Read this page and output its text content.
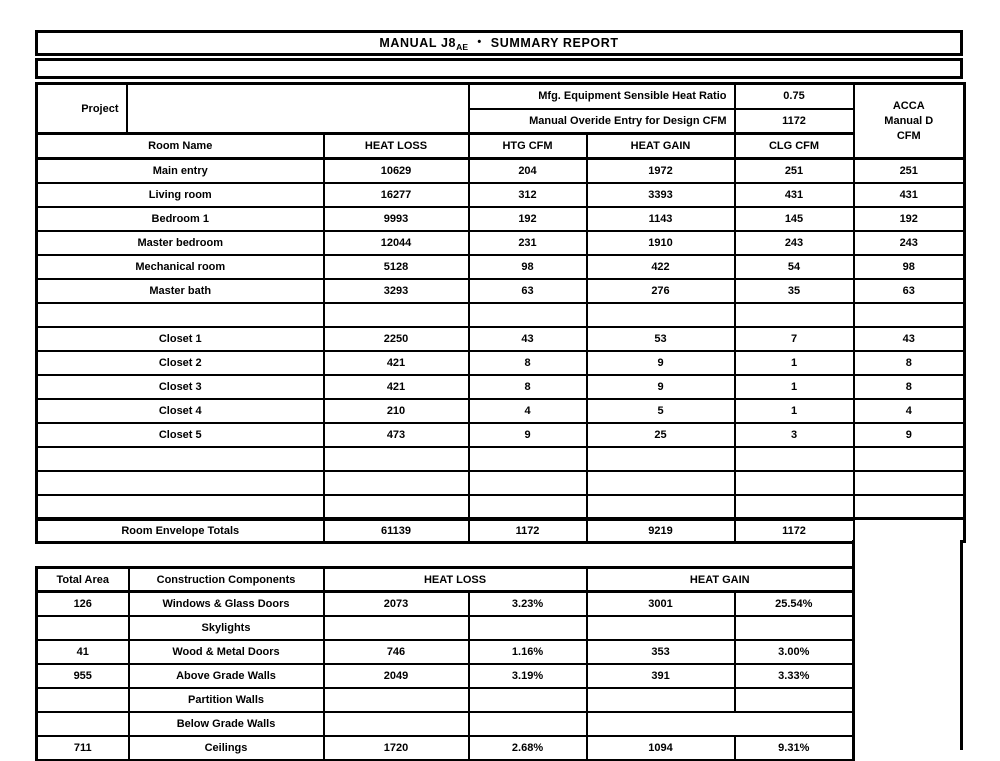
MANUAL J8 AE • SUMMARY REPORT
Project			Mfg. Equipment Sensible Heat Ratio		0.75	ACCA
Manual D
CFM

			Manual Overide Entry for Design CFM		1172	
Room Name		HEAT LOSS	HTG CFM	HEAT GAIN	CLG CFM	
Main entry		10629	204	1972	251	251
Living room		16277	312	3393	431	431
Bedroom 1		9993	192	1143	145	192
Master bedroom		12044	231	1910	243	243
Mechanical room		5128	98	422	54	98
Master bath		3293	63	276	35	63

Closet 1		2250	43	53	7	43
Closet 2		421	8	9	1	8
Closet 3		421	8	9	1	8
Closet 4		210	4	5	1	4
Closet 5		473	9	25	3	9

Room Envelope Totals		61139	1172	9219	1172	
Total Area	Construction Components	HEAT LOSS		HEAT GAIN	
126	Windows & Glass Doors	2073	3.23%	3001	25.54%
	Skylights				
41	Wood & Metal Doors	746	1.16%	353	3.00%
955	Above Grade Walls	2049	3.19%	391	3.33%
	Partition Walls				
	Below Grade Walls				
711	Ceilings	1720	2.68%	1094	9.31%
